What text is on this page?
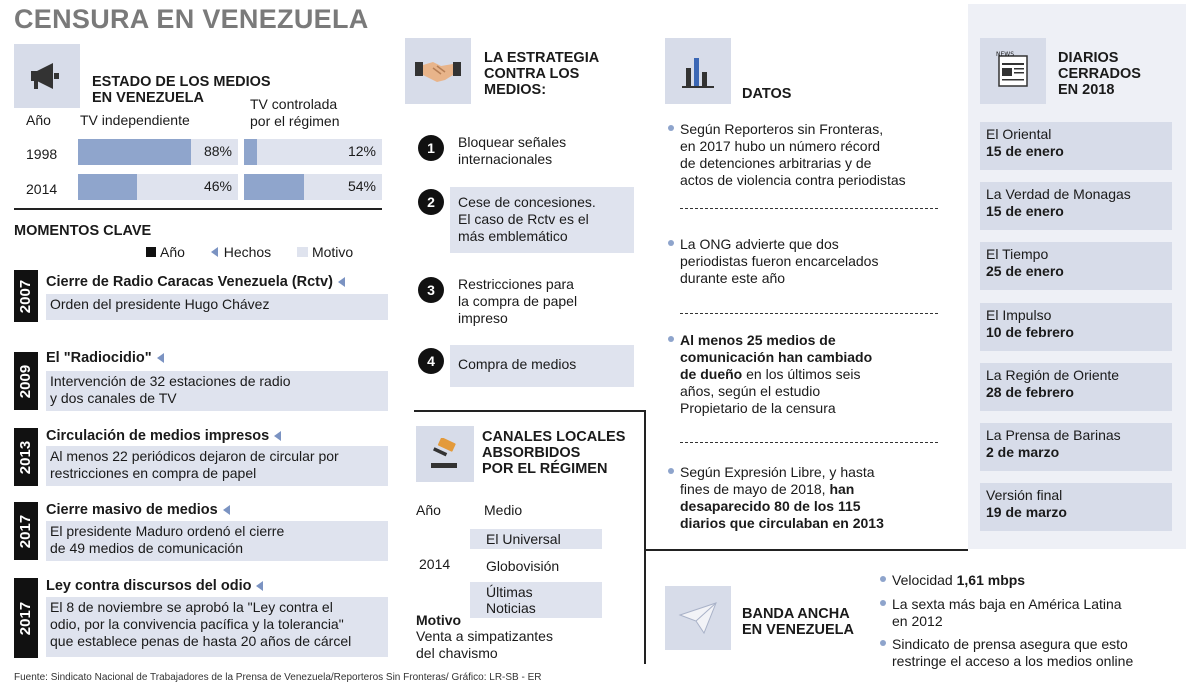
CENSURA EN VENEZUELA
ESTADO DE LOS MEDIOS
EN VENEZUELA	TV controlada
por el régimen
Año TV independiente
1998	88%	12%
2014	46%	54%
MOMENTOS CLAVE
Año	Hechos	Motivo
2007 Cierre de Radio Caracas Venezuela (Rctv)
Orden del presidente Hugo Chávez
2009
El "Radiocidio"
Intervención de 32 estaciones de radio
y dos canales de TV
2013
Circulación de medios impresos
Al menos 22 periódicos dejaron de circular por
restricciones en compra de papel
2017
Cierre masivo de medios
El presidente Maduro ordenó el cierre
de 49 medios de comunicación
2017
Ley contra discursos del odio
El 8 de noviembre se aprobó la "Ley contra el
odio, por la convivencia pacífica y la tolerancia"
que establece penas de hasta 20 años de cárcel
LA ESTRATEGIA
CONTRA LOS
MEDIOS:
1	Bloquear señales
internacionales
2	Cese de concesiones.
El caso de Rctv es el
más emblemático
3	Restricciones para
la compra de papel
impreso
4	Compra de medios
CANALES LOCALES
ABSORBIDOS
POR EL RÉGIMEN
Año	Medio
El Universal
2014	Globovisión
Últimas Noticias
Motivo
Venta a simpatizantes
del chavismo
DATOS
Según Reporteros sin Fronteras,
en 2017 hubo un número récord
de detenciones arbitrarias y de
actos de violencia contra periodistas
La ONG advierte que dos
periodistas fueron encarcelados
durante este año
Al menos 25 medios de
comunicación han cambiado
de dueño en los últimos seis
años, según el estudio
Propietario de la censura
Según Expresión Libre, y hasta
fines de mayo de 2018, han
desaparecido 80 de los 115
diarios que circulaban en 2013
BANDA ANCHA
EN VENEZUELA
Velocidad 1,61 mbps
La sexta más baja en América Latina
en 2012
Sindicato de prensa asegura que esto
restringe el acceso a los medios online
NEWS	DIARIOS
CERRADOS
EN 2018
El Oriental
15 de enero
La Verdad de Monagas
15 de enero
El Tiempo
25 de enero
El Impulso
10 de febrero
La Región de Oriente
28 de febrero
La Prensa de Barinas
2 de marzo
Versión final
19 de marzo
Fuente: Sindicato Nacional de Trabajadores de la Prensa de Venezuela/Reporteros Sin Fronteras/ Gráfico: LR-SB - ER
